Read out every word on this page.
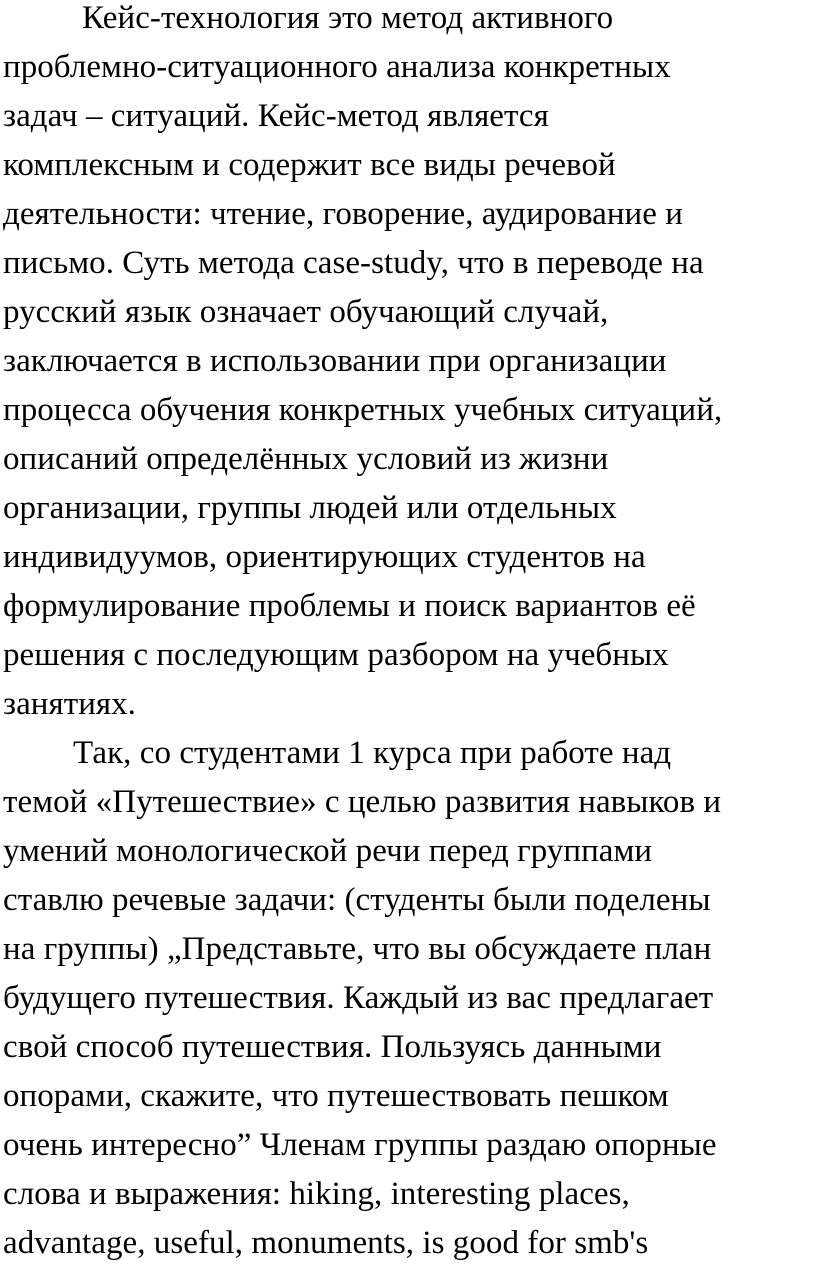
Кейс-технология это метод активного
проблемно-ситуационного анализа конкретных
задач – ситуаций. Кейс-метод является
комплексным и содержит все виды речевой
деятельности: чтение, говорение, аудирование и
письмо. Суть метода case-study, что в переводе на
русский язык означает обучающий случай,
заключается в использовании при организации
процесса обучения конкретных учебных ситуаций,
описаний определённых условий из жизни
организации, группы людей или отдельных
индивидуумов, ориентирующих студентов на
формулирование проблемы и поиск вариантов её
решения с последующим разбором на учебных
занятиях.
Так, со студентами 1 курса при работе над
темой «Путешествие» с целью развития навыков и
умений монологической речи перед группами
ставлю речевые задачи: (студенты были поделены
на группы) „Представьте, что вы обсуждаете план
будущего путешествия. Каждый из вас предлагает
свой способ путешествия. Пользуясь данными
опорами, скажите, что путешествовать пешком
очень интересно” Членам группы раздаю опорные
слова и выражения: hiking, interesting places,
advantage, useful, monuments, is good for smb's
